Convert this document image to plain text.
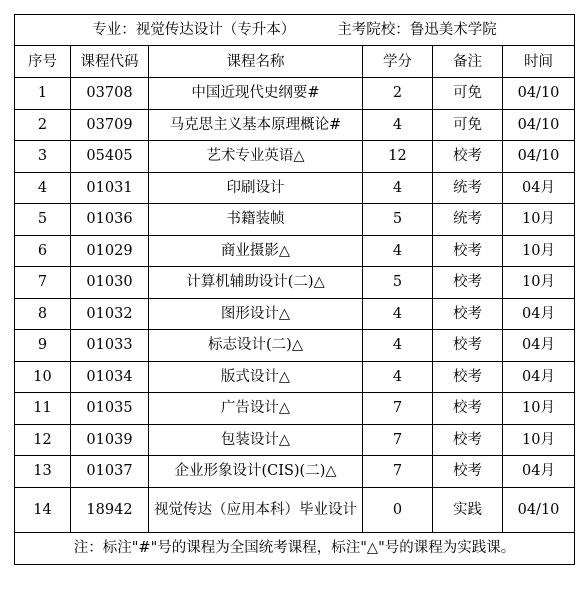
专业：视觉传达设计（专升本） 主考院校：鲁迅美术学院					

序号	课程代码	课程名称	学分	备注	时间
1	03708	中国近现代史纲要#	2	可免	04/10
2	03709	马克思主义基本原理概论#	4	可免	04/10
3	05405	艺术专业英语△	12	校考	04/10
4	01031	印刷设计	4	统考	04月
5	01036	书籍装帧	5	统考	10月
6	01029	商业摄影△	4	校考	10月
7	01030	计算机辅助设计(二)△	5	校考	10月
8	01032	图形设计△	4	校考	04月
9	01033	标志设计(二)△	4	校考	04月
10	01034	版式设计△	4	校考	04月
11	01035	广告设计△	7	校考	10月
12	01039	包装设计△	7	校考	10月
13	01037	企业形象设计(CIS)(二)△	7	校考	04月
14	18942	视觉传达（应用本科）毕业设计	0	实践	04/10
注：标注"#"号的课程为全国统考课程，标注"△"号的课程为实践课。					
